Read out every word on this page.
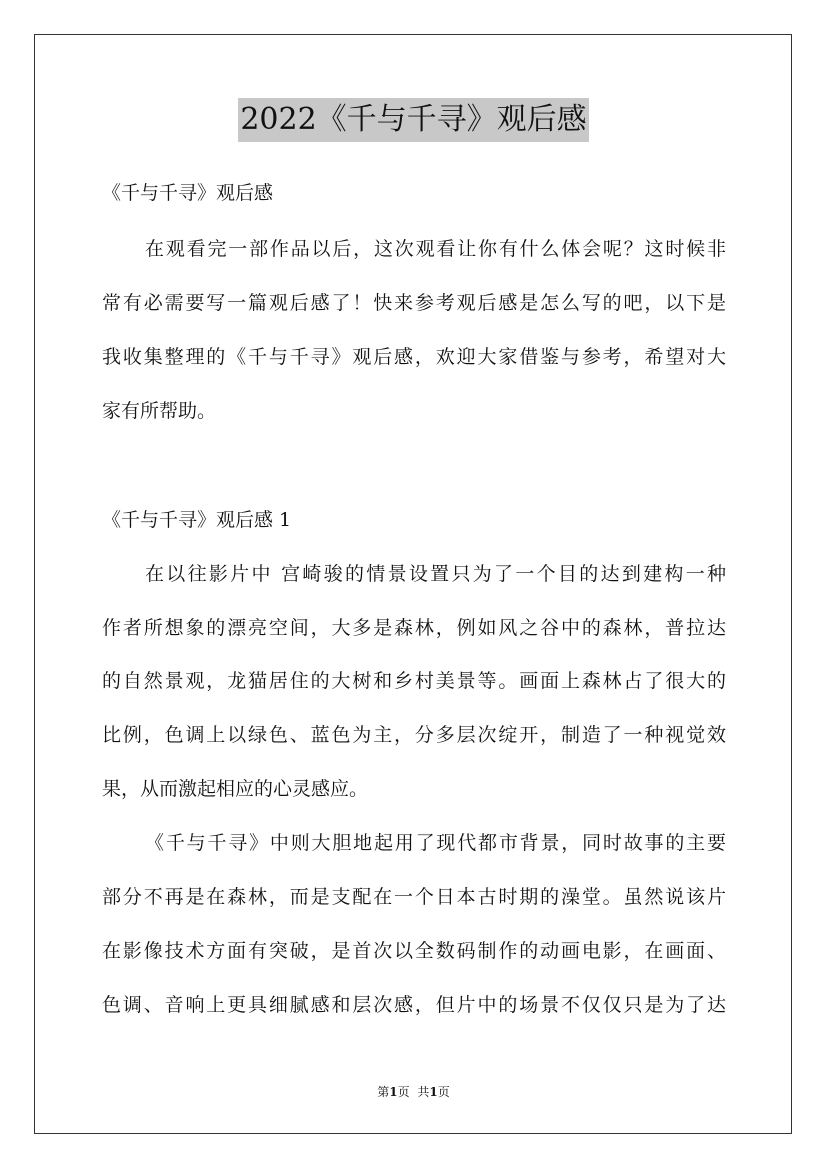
2022《千与千寻》观后感
《千与千寻》观后感
在观看完一部作品以后，这次观看让你有什么体会呢？这时候非
常有必需要写一篇观后感了！快来参考观后感是怎么写的吧，以下是
我收集整理的《千与千寻》观后感，欢迎大家借鉴与参考，希望对大
家有所帮助。
《千与千寻》观后感 1
在以往影片中 宫崎骏的情景设置只为了一个目的达到建构一种
作者所想象的漂亮空间，大多是森林，例如风之谷中的森林，普拉达
的自然景观，龙猫居住的大树和乡村美景等。画面上森林占了很大的
比例，色调上以绿色、蓝色为主，分多层次绽开，制造了一种视觉效
果，从而激起相应的心灵感应。
《千与千寻》中则大胆地起用了现代都市背景，同时故事的主要
部分不再是在森林，而是支配在一个日本古时期的澡堂。虽然说该片
在影像技术方面有突破，是首次以全数码制作的动画电影，在画面、
色调、音响上更具细腻感和层次感，但片中的场景不仅仅只是为了达
第1页 共1页
